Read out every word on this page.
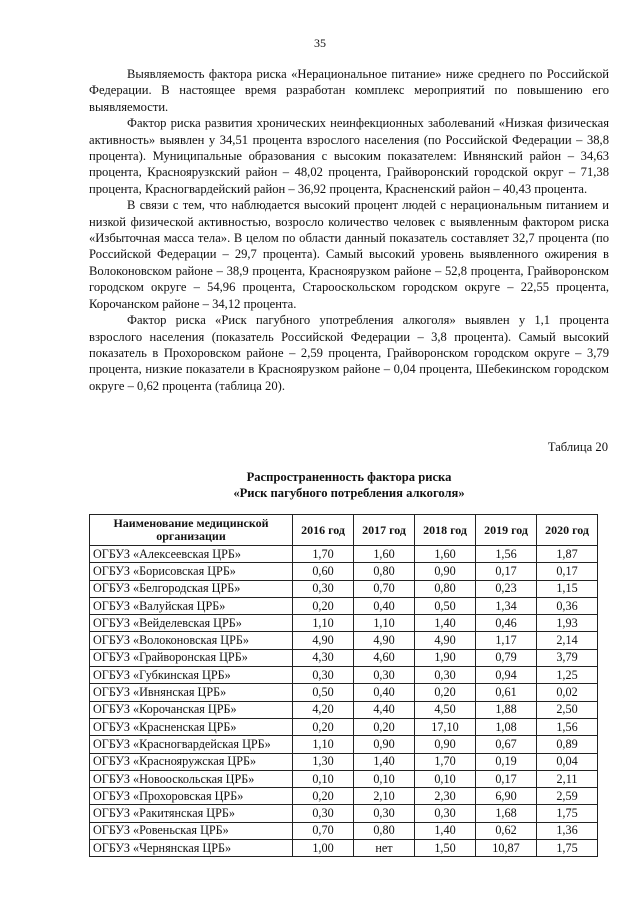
35

Выявляемость фактора риска «Нерациональное питание» ниже среднего по Российской Федерации. В настоящее время разработан комплекс мероприятий по повышению его выявляемости.

Фактор риска развития хронических неинфекционных заболеваний «Низкая физическая активность» выявлен у 34,51 процента взрослого населения (по Российской Федерации – 38,8 процента). Муниципальные образования с высоким показателем: Ивнянский район – 34,63 процента, Красноярузкский район – 48,02 процента, Грайворонский городской округ – 71,38 процента, Красногвардейский район – 36,92 процента, Красненский район – 40,43 процента.

В связи с тем, что наблюдается высокий процент людей с нерациональным питанием и низкой физической активностью, возросло количество человек с выявленным фактором риска «Избыточная масса тела». В целом по области данный показатель составляет 32,7 процента (по Российской Федерации – 29,7 процента). Самый высокий уровень выявленного ожирения в Волоконовском районе – 38,9 процента, Красноярузком районе – 52,8 процента, Грайворонском городском округе – 54,96 процента, Старооскольском городском округе – 22,55 процента, Корочанском районе – 34,12 процента.

Фактор риска «Риск пагубного употребления алкоголя» выявлен у 1,1 процента взрослого населения (показатель Российской Федерации – 3,8 процента). Самый высокий показатель в Прохоровском районе – 2,59 процента, Грайворонском городском округе – 3,79 процента, низкие показатели в Красноярузком районе – 0,04 процента, Шебекинском городском округе – 0,62 процента (таблица 20).

Таблица 20
Распространенность фактора риска
«Риск пагубного потребления алкоголя»
Наименование медицинской организации	2016 год	2017 год	2018 год	2019 год	2020 год
ОГБУЗ «Алексеевская ЦРБ»	1,70	1,60	1,60	1,56	1,87
ОГБУЗ «Борисовская ЦРБ»	0,60	0,80	0,90	0,17	0,17
ОГБУЗ «Белгородская ЦРБ»	0,30	0,70	0,80	0,23	1,15
ОГБУЗ «Валуйская ЦРБ»	0,20	0,40	0,50	1,34	0,36
ОГБУЗ «Вейделевская ЦРБ»	1,10	1,10	1,40	0,46	1,93
ОГБУЗ «Волоконовская ЦРБ»	4,90	4,90	4,90	1,17	2,14
ОГБУЗ «Грайворонская ЦРБ»	4,30	4,60	1,90	0,79	3,79
ОГБУЗ «Губкинская ЦРБ»	0,30	0,30	0,30	0,94	1,25
ОГБУЗ «Ивнянская ЦРБ»	0,50	0,40	0,20	0,61	0,02
ОГБУЗ «Корочанская ЦРБ»	4,20	4,40	4,50	1,88	2,50
ОГБУЗ «Красненская ЦРБ»	0,20	0,20	17,10	1,08	1,56
ОГБУЗ «Красногвардейская ЦРБ»	1,10	0,90	0,90	0,67	0,89
ОГБУЗ «Краснояружская ЦРБ»	1,30	1,40	1,70	0,19	0,04
ОГБУЗ «Новооскольская ЦРБ»	0,10	0,10	0,10	0,17	2,11
ОГБУЗ «Прохоровская ЦРБ»	0,20	2,10	2,30	6,90	2,59
ОГБУЗ «Ракитянская ЦРБ»	0,30	0,30	0,30	1,68	1,75
ОГБУЗ «Ровеньская ЦРБ»	0,70	0,80	1,40	0,62	1,36
ОГБУЗ «Чернянская ЦРБ»	1,00	нет	1,50	10,87	1,75
